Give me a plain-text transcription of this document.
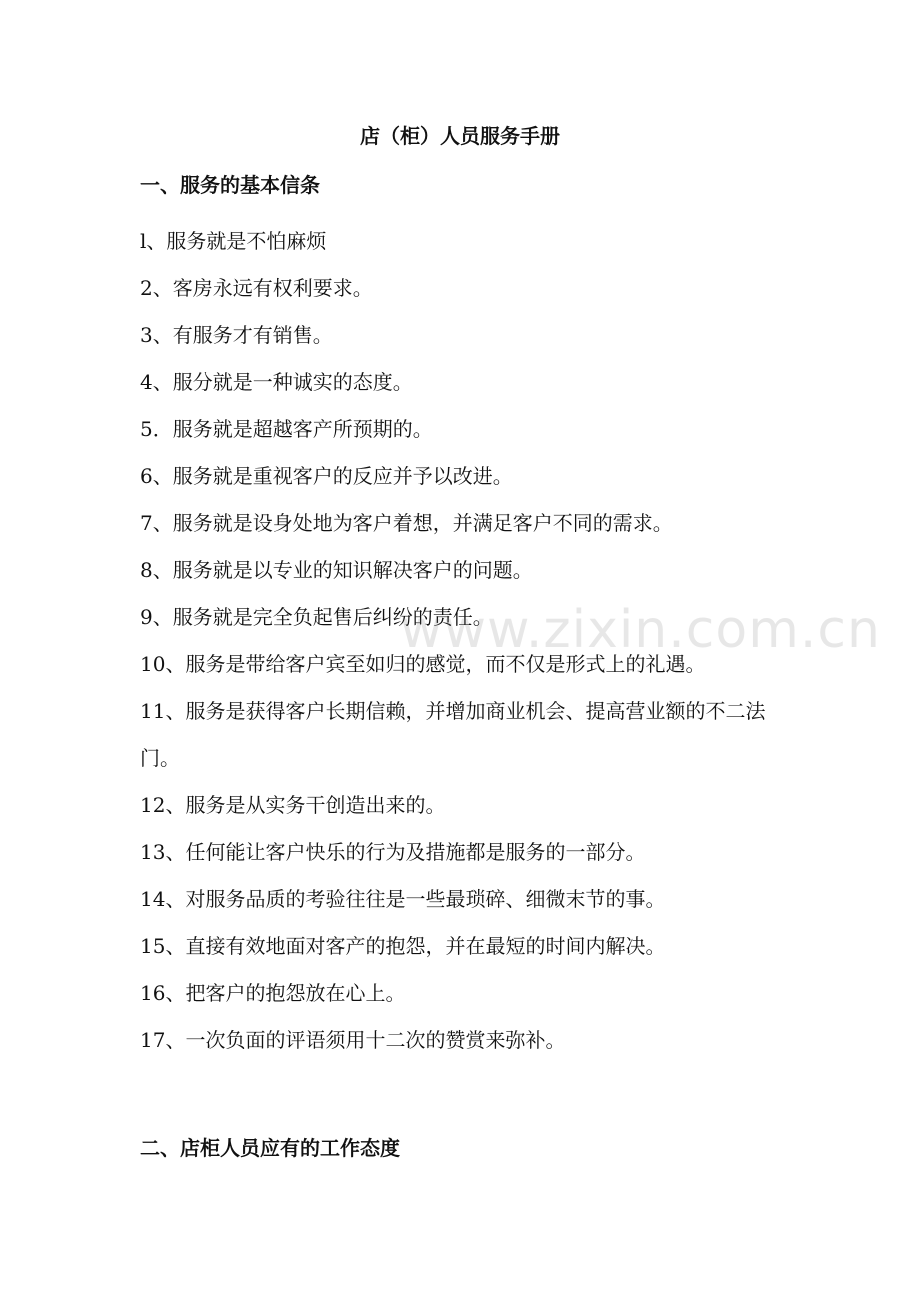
店（柜）人员服务手册
一、服务的基本信条
l、服务就是不怕麻烦
2、客房永远有权利要求。
3、有服务才有销售。
4、服分就是一种诚实的态度。
5．服务就是超越客产所预期的。
6、服务就是重视客户的反应并予以改进。
7、服务就是设身处地为客户着想，并满足客户不同的需求。
8、服务就是以专业的知识解决客户的问题。
9、服务就是完全负起售后纠纷的责任。
10、服务是带给客户宾至如归的感觉，而不仅是形式上的礼遇。
11、服务是获得客户长期信赖，并增加商业机会、提高营业额的不二法门。
12、服务是从实务干创造出来的。
13、任何能让客户快乐的行为及措施都是服务的一部分。
14、对服务品质的考验往往是一些最琐碎、细微末节的事。
15、直接有效地面对客产的抱怨，并在最短的时间内解决。
16、把客户的抱怨放在心上。
17、一次负面的评语须用十二次的赞赏来弥补。
二、店柜人员应有的工作态度
www.zixin.com.cn
